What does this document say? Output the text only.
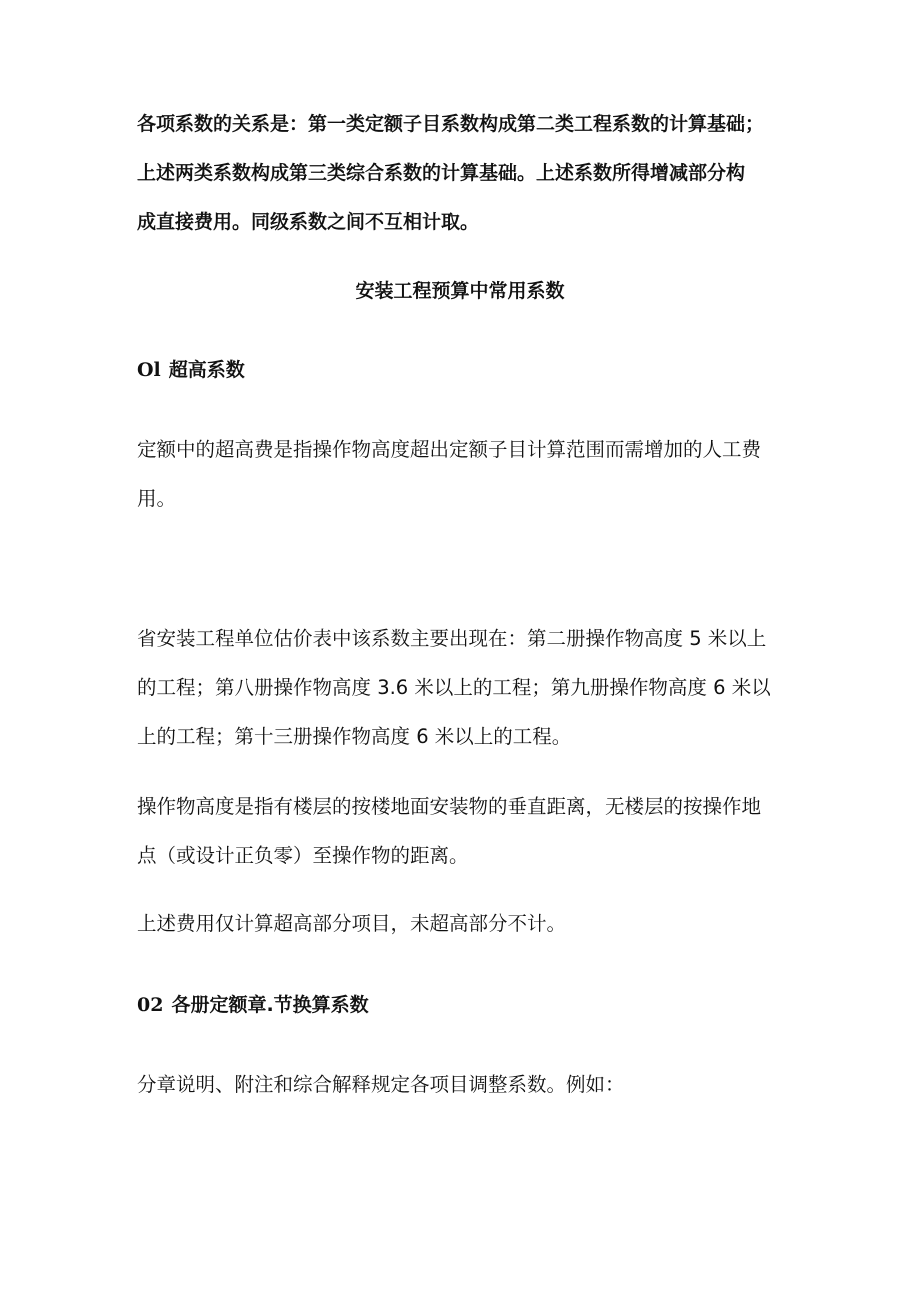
各项系数的关系是：第一类定额子目系数构成第二类工程系数的计算基础；
上述两类系数构成第三类综合系数的计算基础。上述系数所得增减部分构
成直接费用。同级系数之间不互相计取。
安装工程预算中常用系数
Ol 超高系数
定额中的超高费是指操作物高度超出定额子目计算范围而需增加的人工费
用。
省安装工程单位估价表中该系数主要出现在：第二册操作物高度 5 米以上
的工程；第八册操作物高度 3.6 米以上的工程；第九册操作物高度 6 米以
上的工程；第十三册操作物高度 6 米以上的工程。
操作物高度是指有楼层的按楼地面安装物的垂直距离，无楼层的按操作地
点（或设计正负零）至操作物的距离。
上述费用仅计算超高部分项目，未超高部分不计。
02 各册定额章.节换算系数
分章说明、附注和综合解释规定各项目调整系数。例如：
